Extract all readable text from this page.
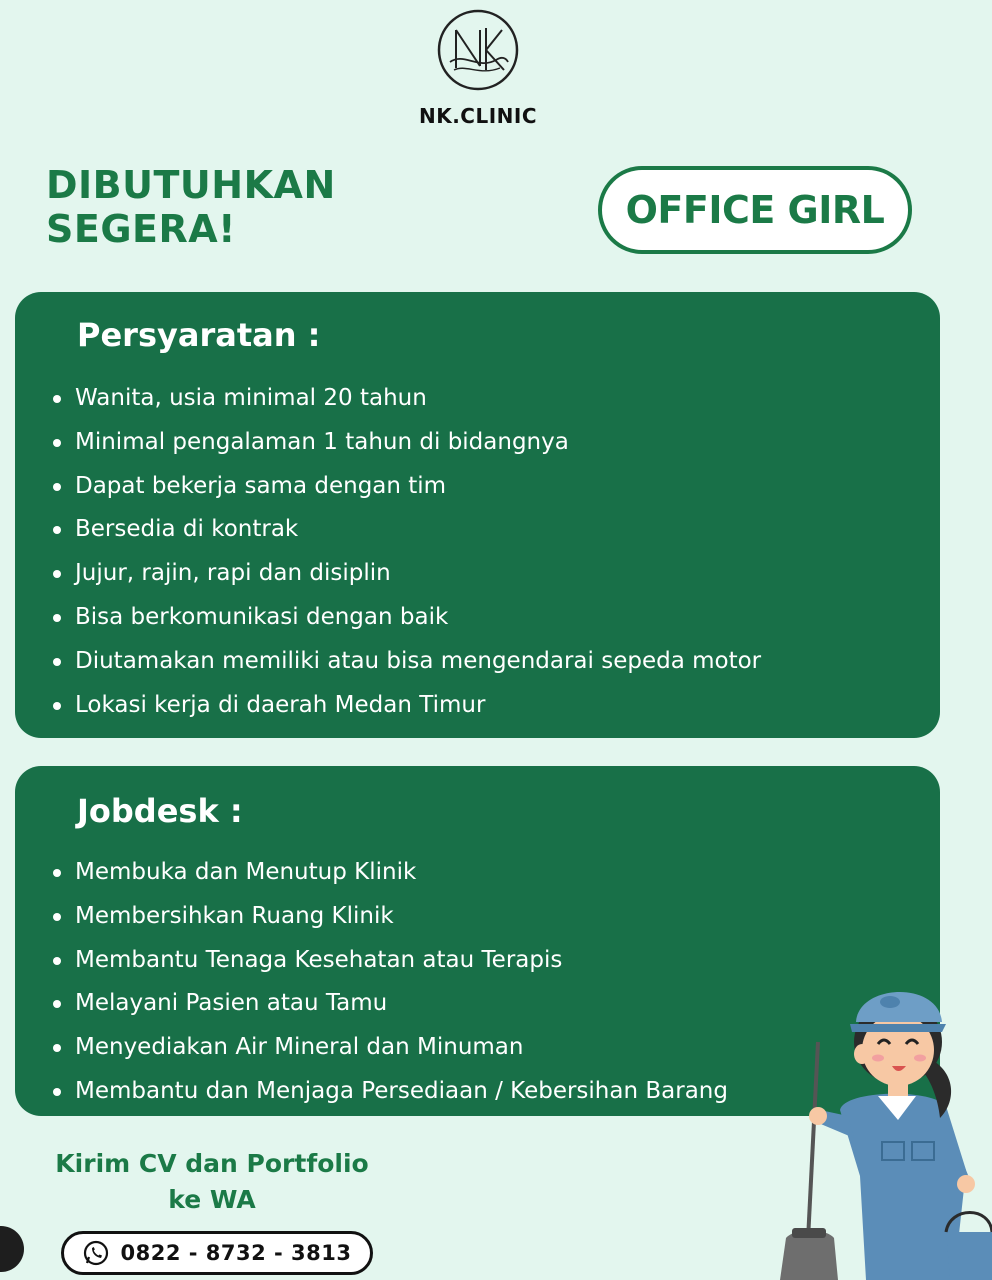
NK.CLINIC
DIBUTUHKAN
SEGERA!	OFFICE GIRL
Persyaratan :
Wanita, usia minimal 20 tahun
Minimal pengalaman 1 tahun di bidangnya
Dapat bekerja sama dengan tim
Bersedia di kontrak
Jujur, rajin, rapi dan disiplin
Bisa berkomunikasi dengan baik
Diutamakan memiliki atau bisa mengendarai sepeda motor
Lokasi kerja di daerah Medan Timur
Jobdesk :
Membuka dan Menutup Klinik
Membersihkan Ruang Klinik
Membantu Tenaga Kesehatan atau Terapis
Melayani Pasien atau Tamu
Menyediakan Air Mineral dan Minuman
Membantu dan Menjaga Persediaan / Kebersihan Barang
Kirim CV dan Portfolio
ke WA
0822 - 8732 - 3813
